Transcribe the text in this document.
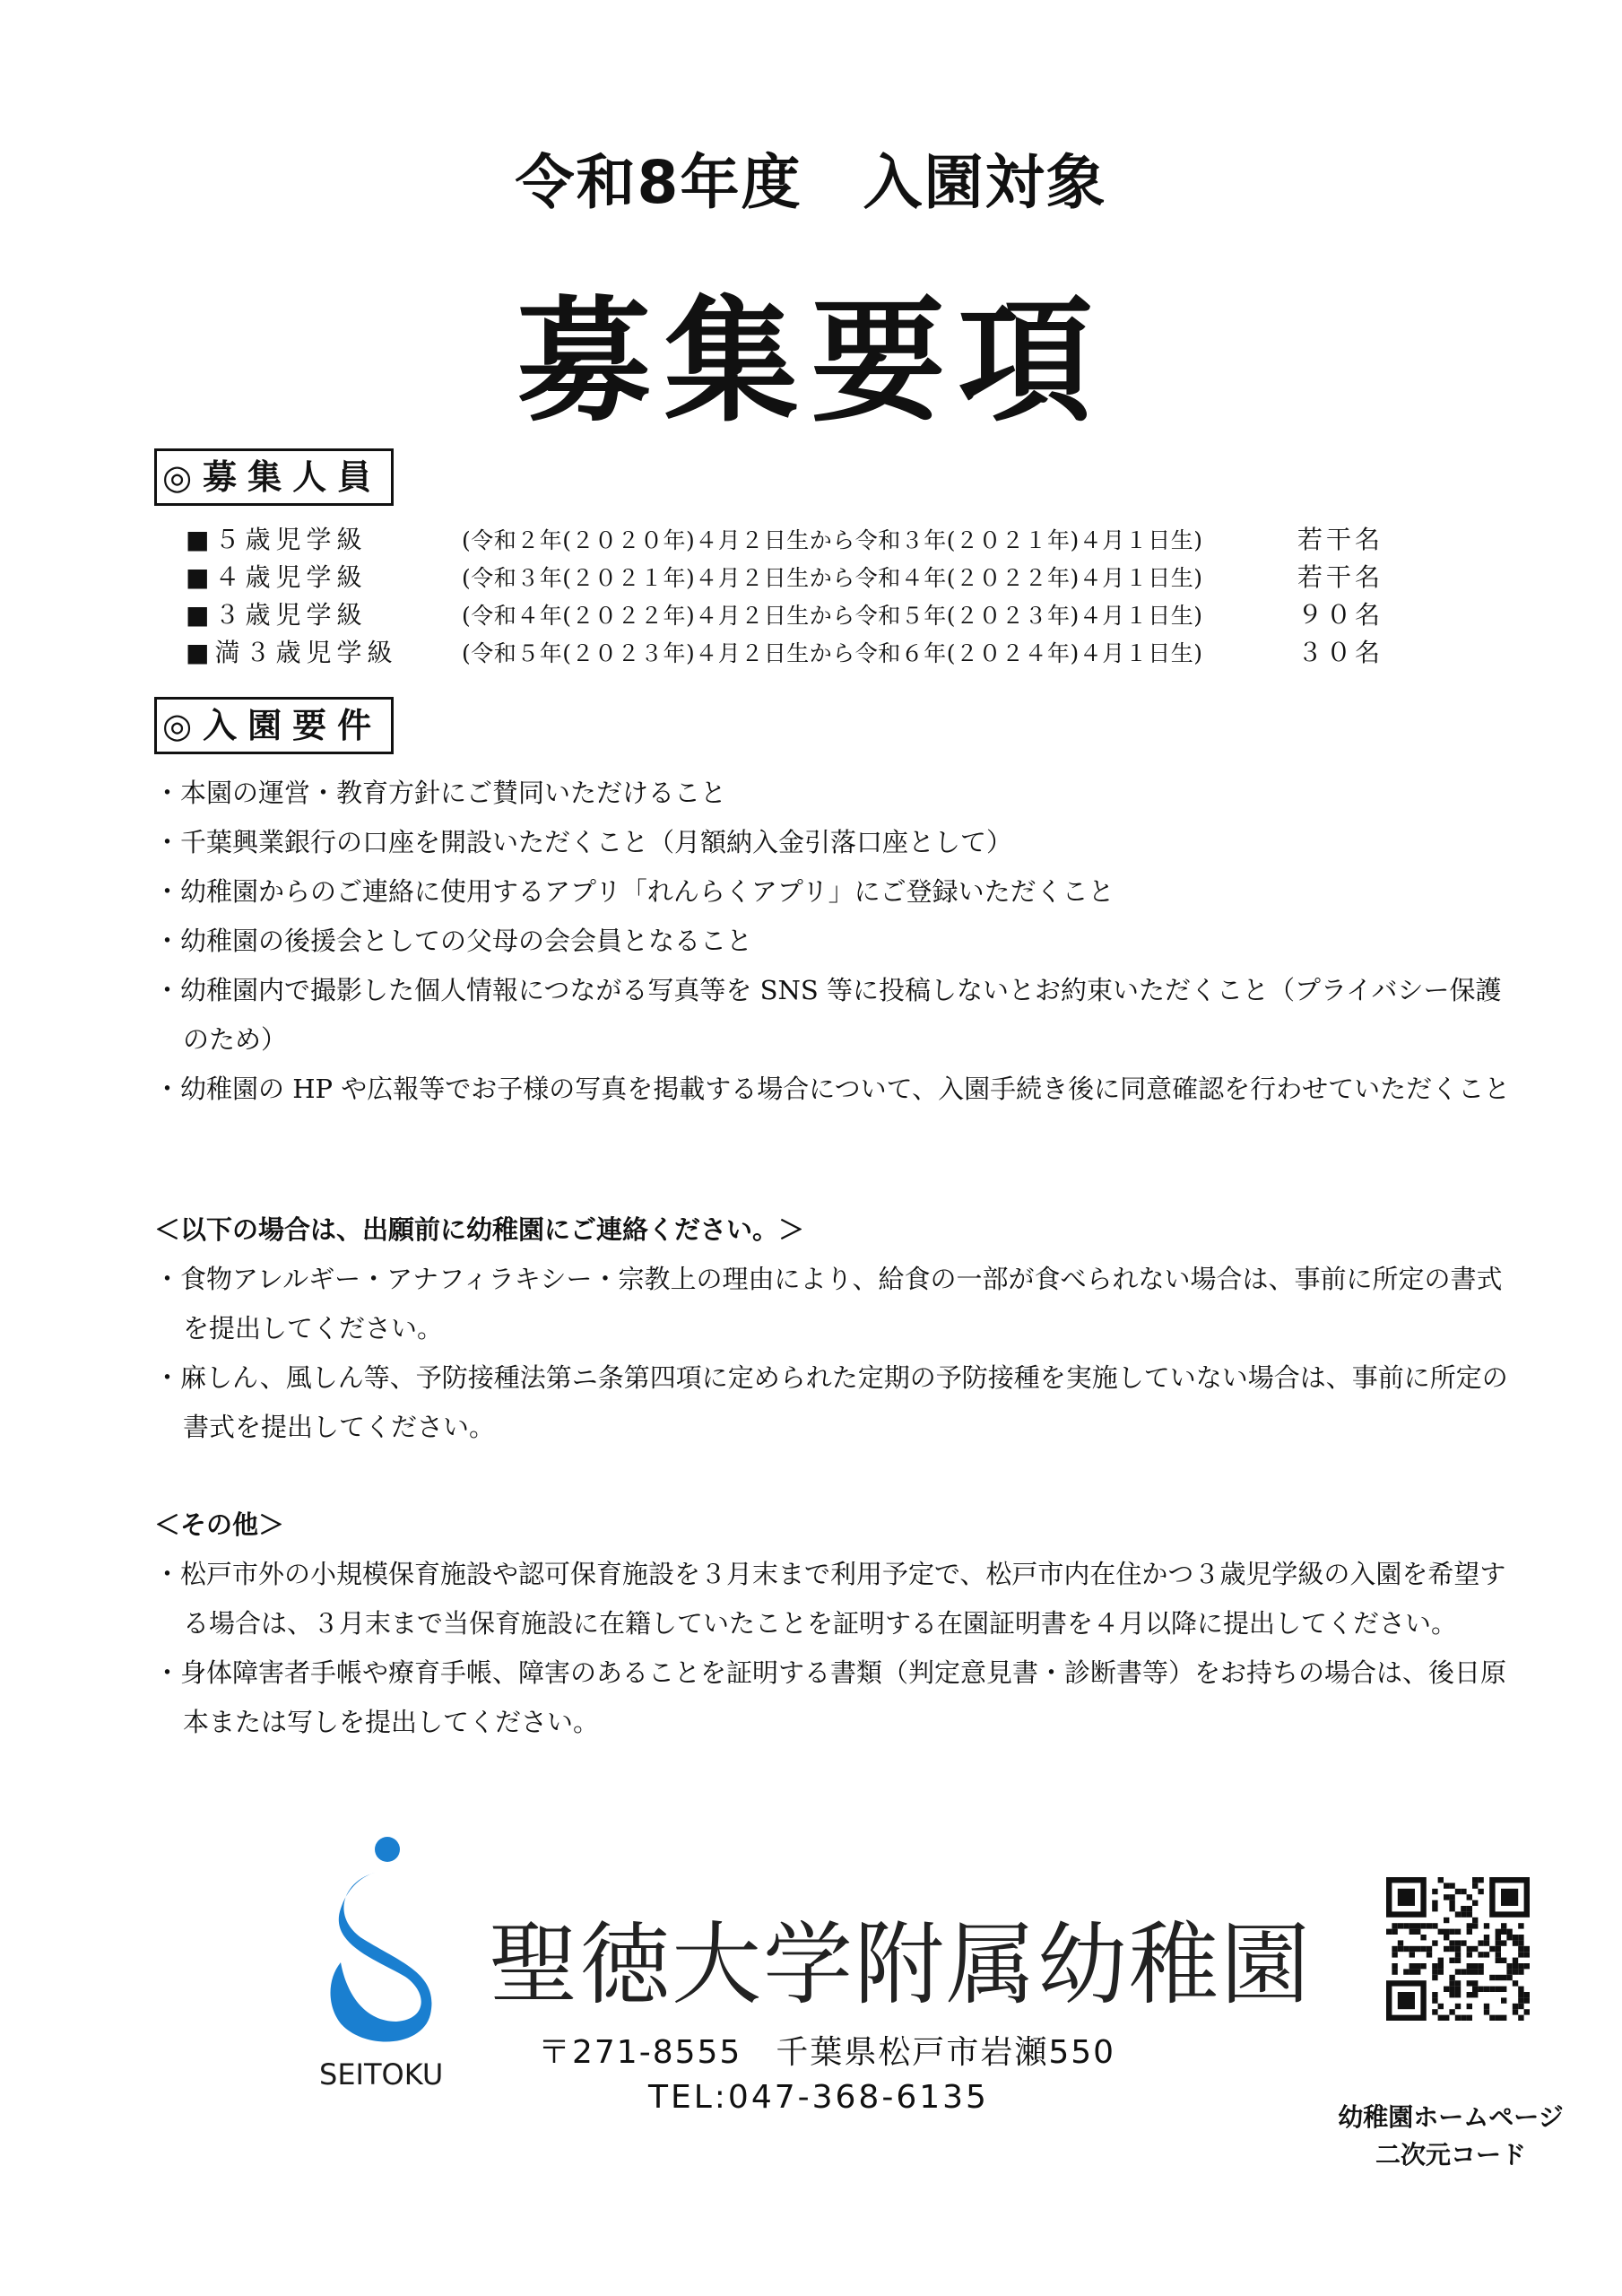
令和8年度　入園対象
募集要項
◎募集人員
■５歳児学級	(令和２年(２０２０年)４月２日生から令和３年(２０２１年)４月１日生)	若干名
■４歳児学級	(令和３年(２０２１年)４月２日生から令和４年(２０２２年)４月１日生)	若干名
■３歳児学級	(令和４年(２０２２年)４月２日生から令和５年(２０２３年)４月１日生)	９０名
■満３歳児学級	(令和５年(２０２３年)４月２日生から令和６年(２０２４年)４月１日生)	３０名
◎入園要件
・本園の運営・教育方針にご賛同いただけること
・千葉興業銀行の口座を開設いただくこと（月額納入金引落口座として）
・幼稚園からのご連絡に使用するアプリ「れんらくアプリ」にご登録いただくこと
・幼稚園の後援会としての父母の会会員となること
・幼稚園内で撮影した個人情報につながる写真等を SNS 等に投稿しないとお約束いただくこと（プライバシー保護のため）
・幼稚園の HP や広報等でお子様の写真を掲載する場合について、入園手続き後に同意確認を行わせていただくこと
＜以下の場合は、出願前に幼稚園にご連絡ください。＞
・食物アレルギー・アナフィラキシー・宗教上の理由により、給食の一部が食べられない場合は、事前に所定の書式を提出してください。
・麻しん、風しん等、予防接種法第ニ条第四項に定められた定期の予防接種を実施していない場合は、事前に所定の書式を提出してください。
＜その他＞
・松戸市外の小規模保育施設や認可保育施設を３月末まで利用予定で、松戸市内在住かつ３歳児学級の入園を希望する場合は、３月末まで当保育施設に在籍していたことを証明する在園証明書を４月以降に提出してください。
・身体障害者手帳や療育手帳、障害のあることを証明する書類（判定意見書・診断書等）をお持ちの場合は、後日原本または写しを提出してください。
SEITOKU
聖徳大学附属幼稚園
〒271-8555　千葉県松戸市岩瀬550
TEL:047-368-6135
幼稚園ホームページ
二次元コード
